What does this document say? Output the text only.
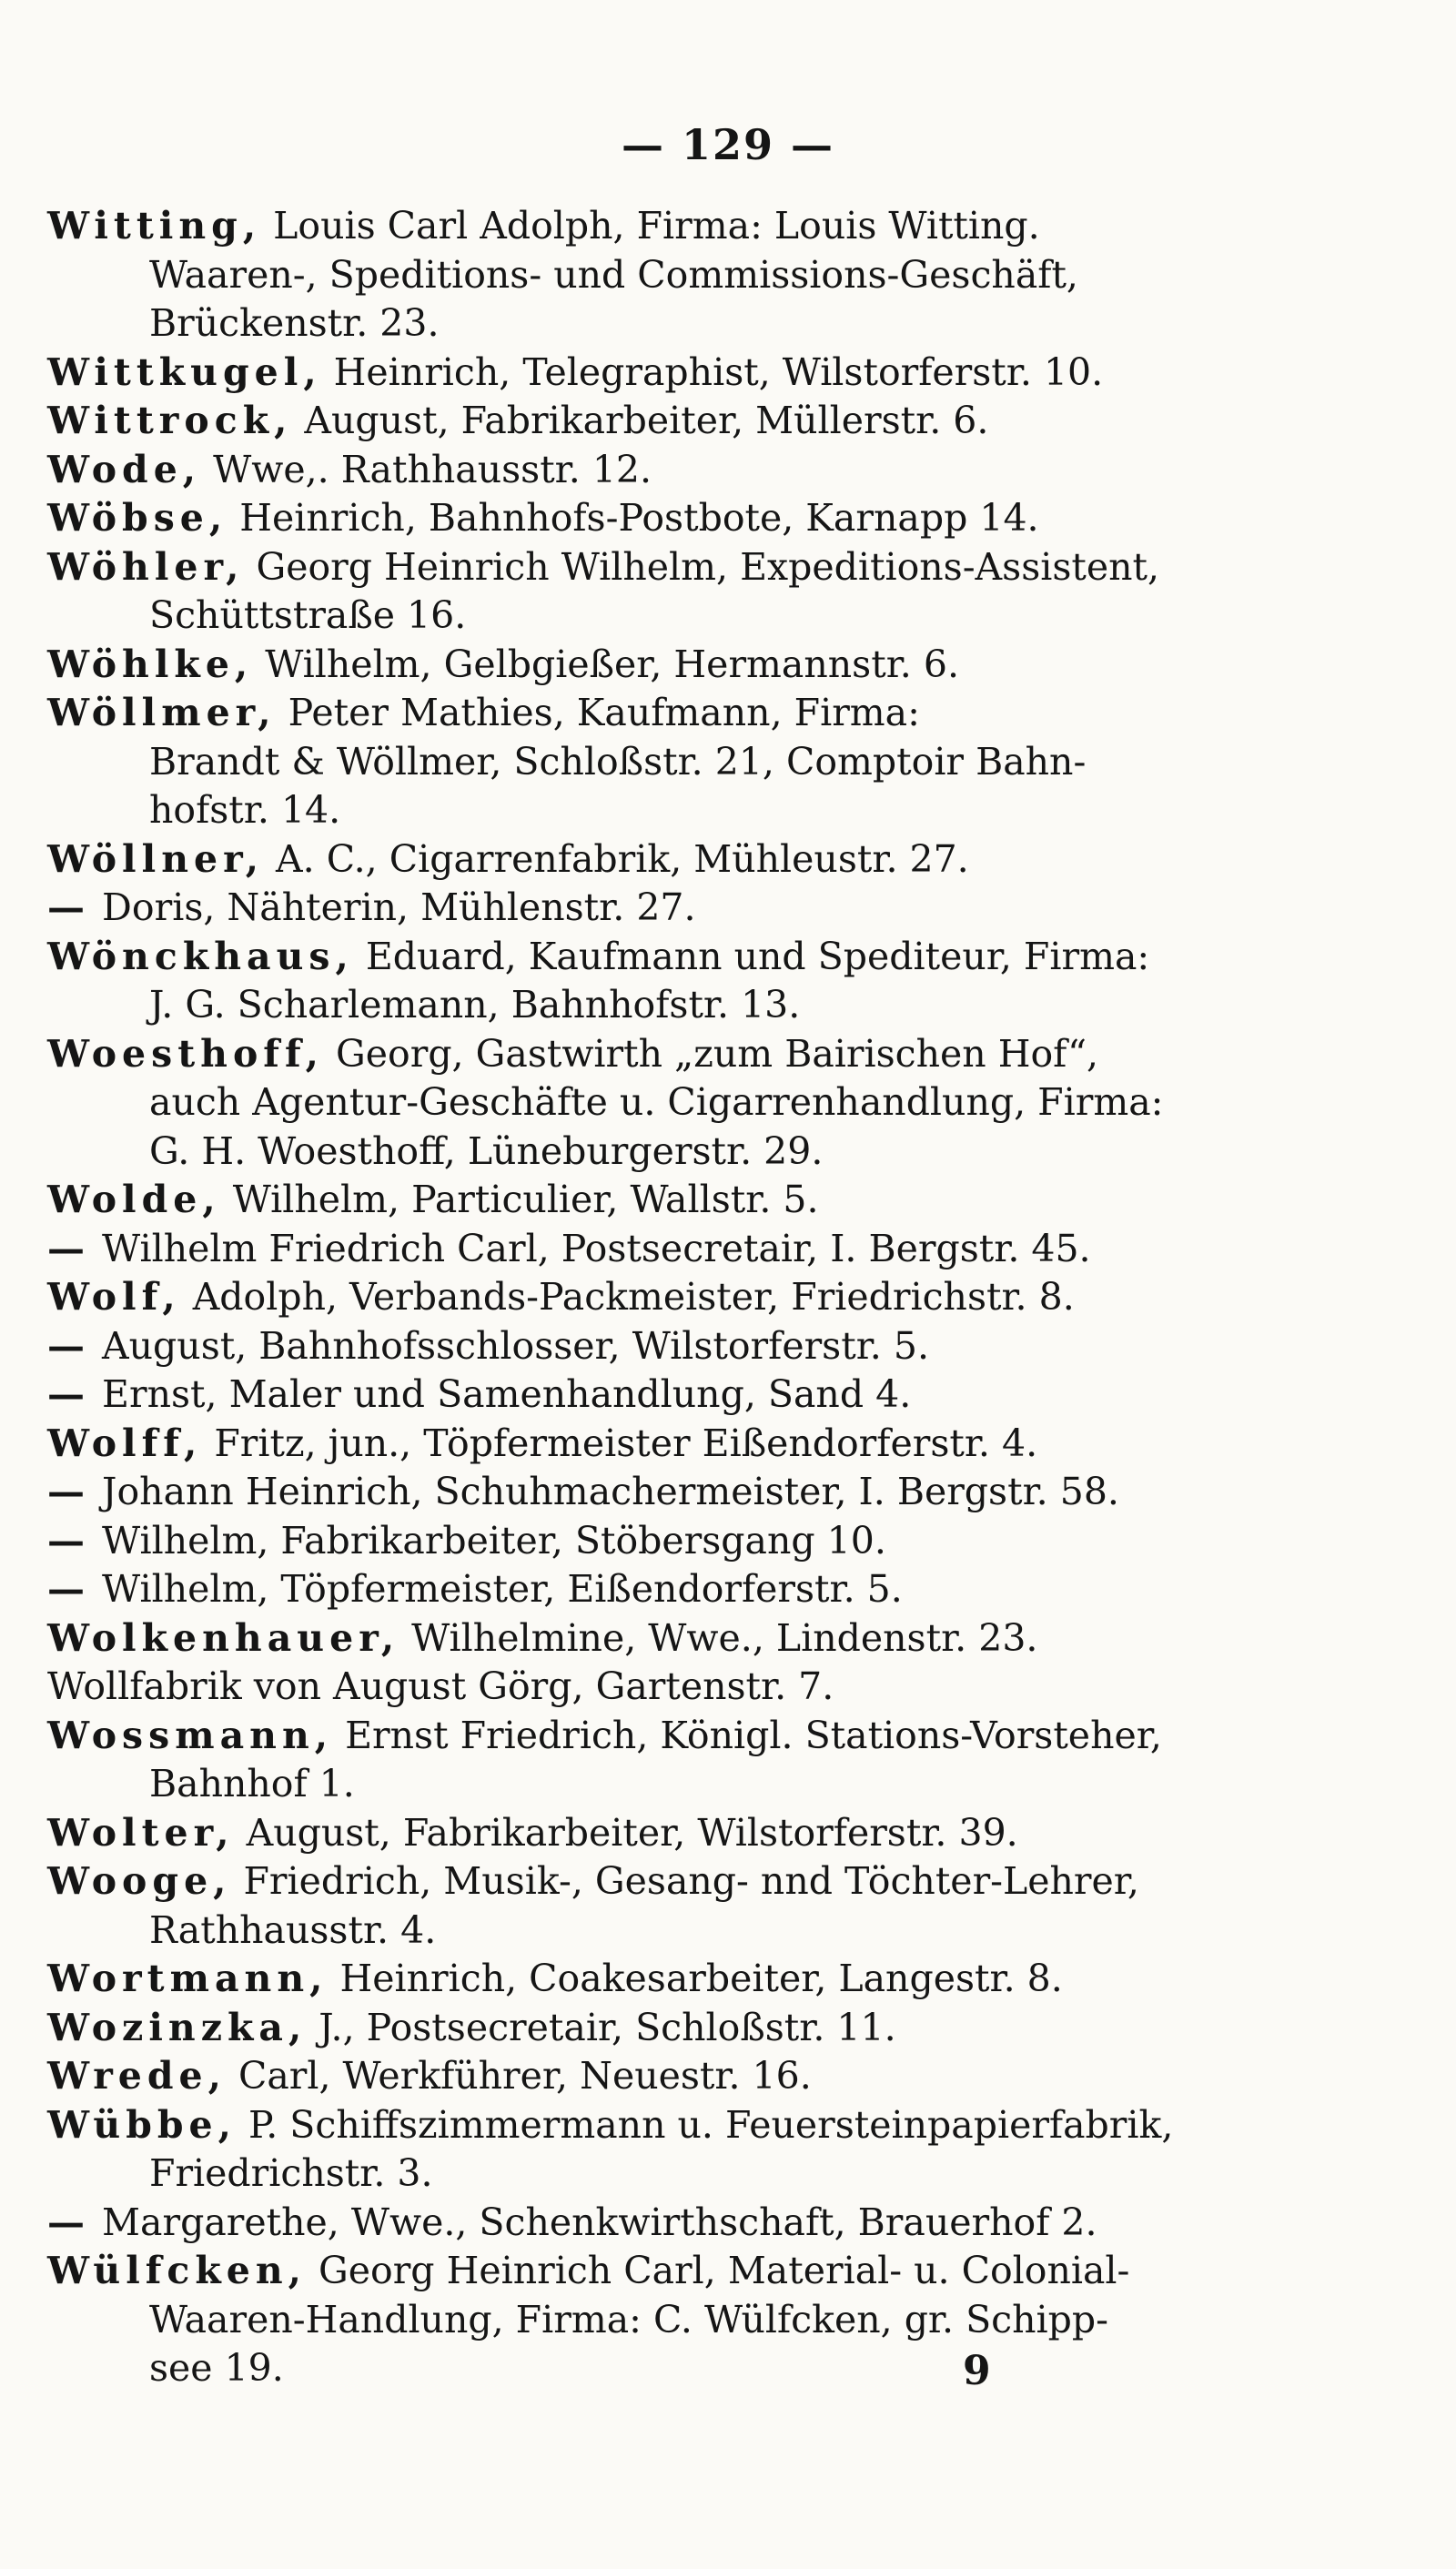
— 129 —
Witting, Louis Carl Adolph, Firma: Louis Witting.
Waaren-, Speditions- und Commissions-Geschäft,
Brückenstr. 23.
Wittkugel, Heinrich, Telegraphist, Wilstorferstr. 10.
Wittrock, August, Fabrikarbeiter, Müllerstr. 6.
Wode, Wwe,. Rathhausstr. 12.
Wöbse, Heinrich, Bahnhofs-Postbote, Karnapp 14.
Wöhler, Georg Heinrich Wilhelm, Expeditions-Assistent,
Schüttstraße 16.
Wöhlke, Wilhelm, Gelbgießer, Hermannstr. 6.
Wöllmer, Peter Mathies, Kaufmann, Firma:
Brandt & Wöllmer, Schloßstr. 21, Comptoir Bahn-
hofstr. 14.
Wöllner, A. C., Cigarrenfabrik, Mühleustr. 27.
— Doris, Nähterin, Mühlenstr. 27.
Wönckhaus, Eduard, Kaufmann und Spediteur, Firma:
J. G. Scharlemann, Bahnhofstr. 13.
Woesthoff, Georg, Gastwirth „zum Bairischen Hof“,
auch Agentur-Geschäfte u. Cigarrenhandlung, Firma:
G. H. Woesthoff, Lüneburgerstr. 29.
Wolde, Wilhelm, Particulier, Wallstr. 5.
— Wilhelm Friedrich Carl, Postsecretair, I. Bergstr. 45.
Wolf, Adolph, Verbands-Packmeister, Friedrichstr. 8.
— August, Bahnhofsschlosser, Wilstorferstr. 5.
— Ernst, Maler und Samenhandlung, Sand 4.
Wolff, Fritz, jun., Töpfermeister Eißendorferstr. 4.
— Johann Heinrich, Schuhmachermeister, I. Bergstr. 58.
— Wilhelm, Fabrikarbeiter, Stöbersgang 10.
— Wilhelm, Töpfermeister, Eißendorferstr. 5.
Wolkenhauer, Wilhelmine, Wwe., Lindenstr. 23.
Wollfabrik von August Görg, Gartenstr. 7.
Wossmann, Ernst Friedrich, Königl. Stations-Vorsteher,
Bahnhof 1.
Wolter, August, Fabrikarbeiter, Wilstorferstr. 39.
Wooge, Friedrich, Musik-, Gesang- nnd Töchter-Lehrer,
Rathhausstr. 4.
Wortmann, Heinrich, Coakesarbeiter, Langestr. 8.
Wozinzka, J., Postsecretair, Schloßstr. 11.
Wrede, Carl, Werkführer, Neuestr. 16.
Wübbe, P. Schiffszimmermann u. Feuersteinpapierfabrik,
Friedrichstr. 3.
— Margarethe, Wwe., Schenkwirthschaft, Brauerhof 2.
Wülfcken, Georg Heinrich Carl, Material- u. Colonial-
Waaren-Handlung, Firma: C. Wülfcken, gr. Schipp-
see 19.	9
